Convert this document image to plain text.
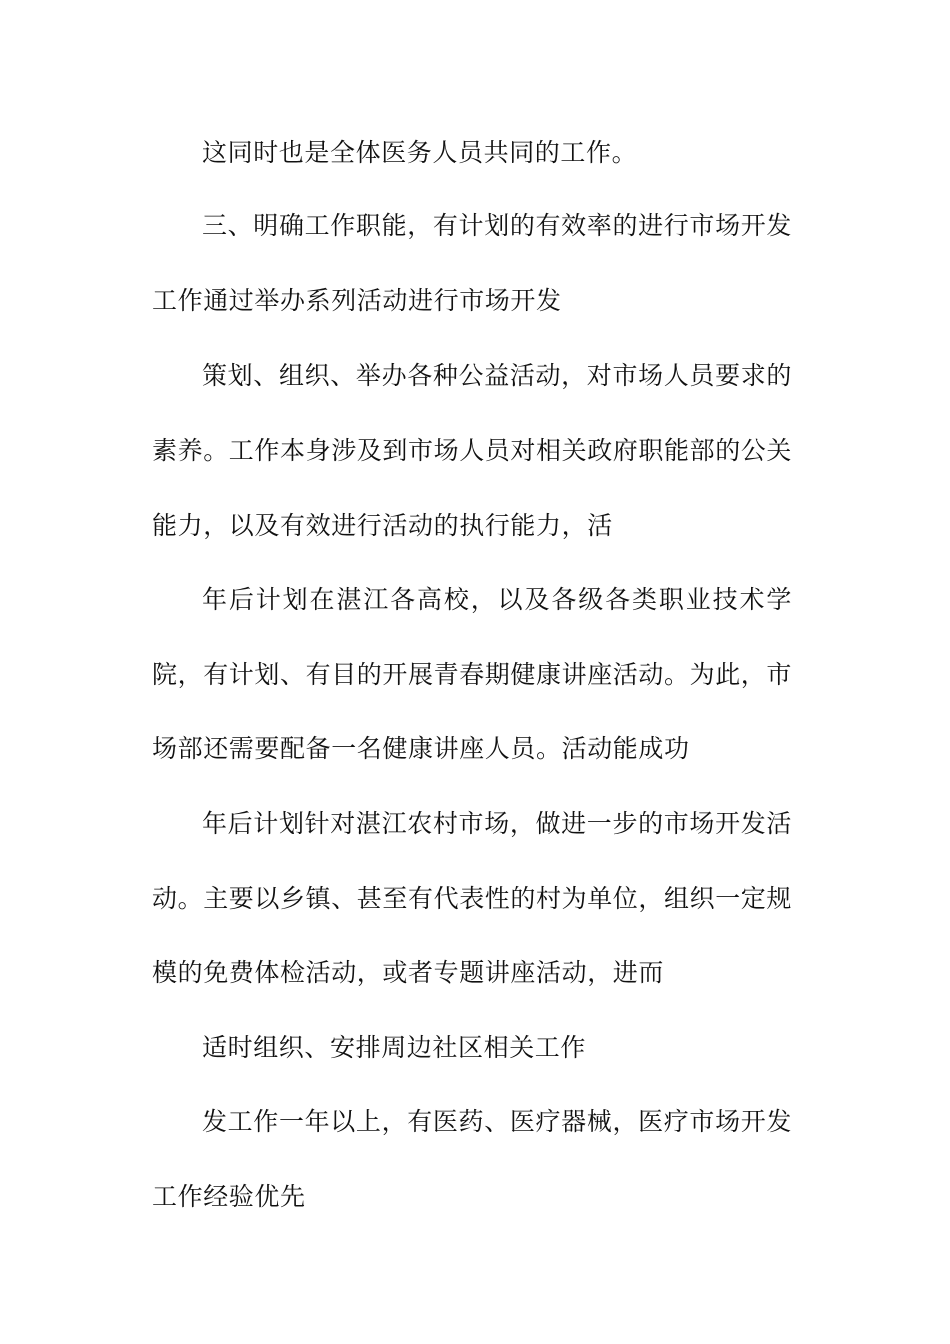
这同时也是全体医务人员共同的工作。
三、明确工作职能，有计划的有效率的进行市场开发
工作通过举办系列活动进行市场开发
策划、组织、举办各种公益活动，对市场人员要求的
素养。工作本身涉及到市场人员对相关政府职能部的公关
能力，以及有效进行活动的执行能力，活
年后计划在湛江各高校，以及各级各类职业技术学
院，有计划、有目的开展青春期健康讲座活动。为此，市
场部还需要配备一名健康讲座人员。活动能成功
年后计划针对湛江农村市场，做进一步的市场开发活
动。主要以乡镇、甚至有代表性的村为单位，组织一定规
模的免费体检活动，或者专题讲座活动，进而
适时组织、安排周边社区相关工作
发工作一年以上，有医药、医疗器械，医疗市场开发
工作经验优先
